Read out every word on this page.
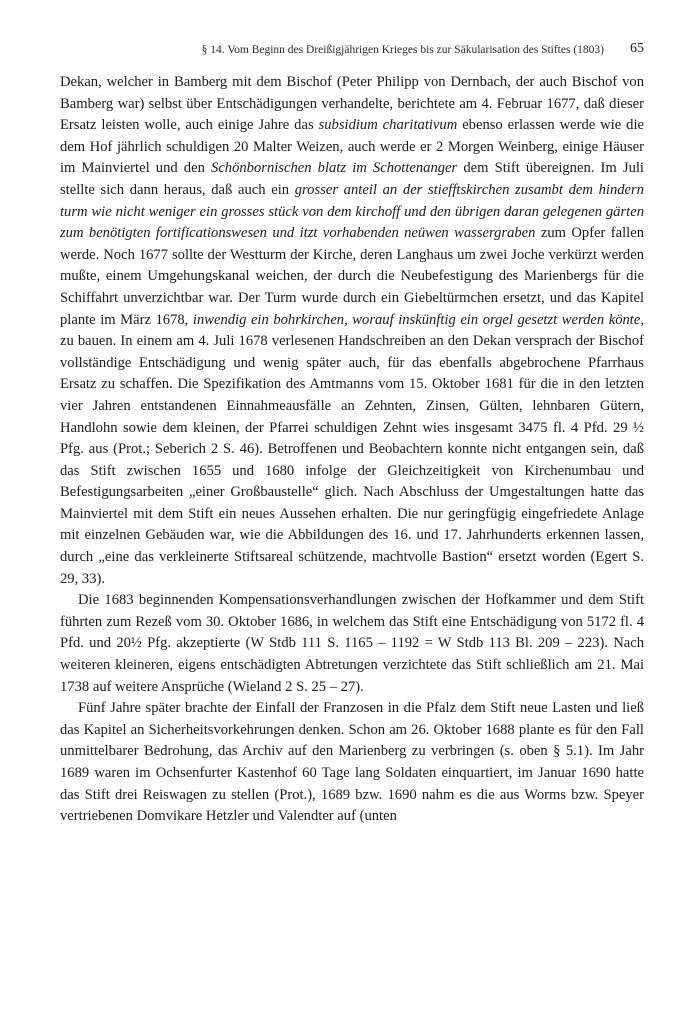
§ 14. Vom Beginn des Dreißigjährigen Krieges bis zur Säkularisation des Stiftes (1803) 65

Dekan, welcher in Bamberg mit dem Bischof (Peter Philipp von Dernbach, der auch Bischof von Bamberg war) selbst über Entschädigungen verhandelte, berichtete am 4. Februar 1677, daß dieser Ersatz leisten wolle, auch einige Jahre das subsidium charitativum ebenso erlassen werde wie die dem Hof jährlich schuldigen 20 Malter Weizen, auch werde er 2 Morgen Weinberg, einige Häuser im Mainviertel und den Schönbornischen blatz im Schottenanger dem Stift übereignen. Im Juli stellte sich dann heraus, daß auch ein grosser anteil an der stiefftskirchen zusambt dem hindern turm wie nicht weniger ein grosses stück von dem kirchoff und den übrigen daran gelegenen gärten zum benötigten fortificationswesen und itzt vorhabenden neüwen wassergraben zum Opfer fallen werde. Noch 1677 sollte der Westturm der Kirche, deren Langhaus um zwei Joche verkürzt werden mußte, einem Umgehungskanal weichen, der durch die Neubefestigung des Marienbergs für die Schiffahrt unverzichtbar war. Der Turm wurde durch ein Giebeltürmchen ersetzt, und das Kapitel plante im März 1678, inwendig ein bohrkirchen, worauf inskünftig ein orgel gesetzt werden könte, zu bauen. In einem am 4. Juli 1678 verlesenen Handschreiben an den Dekan versprach der Bischof vollständige Entschädigung und wenig später auch, für das ebenfalls abgebrochene Pfarrhaus Ersatz zu schaffen. Die Spezifikation des Amtmanns vom 15. Oktober 1681 für die in den letzten vier Jahren entstandenen Einnahmeausfälle an Zehnten, Zinsen, Gülten, lehnbaren Gütern, Handlohn sowie dem kleinen, der Pfarrei schuldigen Zehnt wies insgesamt 3475 fl. 4 Pfd. 29 ½ Pfg. aus (Prot.; Seberich 2 S. 46). Betroffenen und Beobachtern konnte nicht entgangen sein, daß das Stift zwischen 1655 und 1680 infolge der Gleichzeitigkeit von Kirchenumbau und Befestigungsarbeiten „einer Großbaustelle“ glich. Nach Abschluss der Umgestaltungen hatte das Mainviertel mit dem Stift ein neues Aussehen erhalten. Die nur geringfügig eingefriedete Anlage mit einzelnen Gebäuden war, wie die Abbildungen des 16. und 17. Jahrhunderts erkennen lassen, durch „eine das verkleinerte Stiftsareal schützende, machtvolle Bastion“ ersetzt worden (Egert S. 29, 33).

Die 1683 beginnenden Kompensationsverhandlungen zwischen der Hofkammer und dem Stift führten zum Rezeß vom 30. Oktober 1686, in welchem das Stift eine Entschädigung von 5172 fl. 4 Pfd. und 20½ Pfg. akzeptierte (W Stdb 111 S. 1165 – 1192 = W Stdb 113 Bl. 209 – 223). Nach weiteren kleineren, eigens entschädigten Abtretungen verzichtete das Stift schließlich am 21. Mai 1738 auf weitere Ansprüche (Wieland 2 S. 25 – 27).

Fünf Jahre später brachte der Einfall der Franzosen in die Pfalz dem Stift neue Lasten und ließ das Kapitel an Sicherheitsvorkehrungen denken. Schon am 26. Oktober 1688 plante es für den Fall unmittelbarer Bedrohung, das Archiv auf den Marienberg zu verbringen (s. oben § 5.1). Im Jahr 1689 waren im Ochsenfurter Kastenhof 60 Tage lang Soldaten einquartiert, im Januar 1690 hatte das Stift drei Reiswagen zu stellen (Prot.), 1689 bzw. 1690 nahm es die aus Worms bzw. Speyer vertriebenen Domvikare Hetzler und Valendter auf (unten
